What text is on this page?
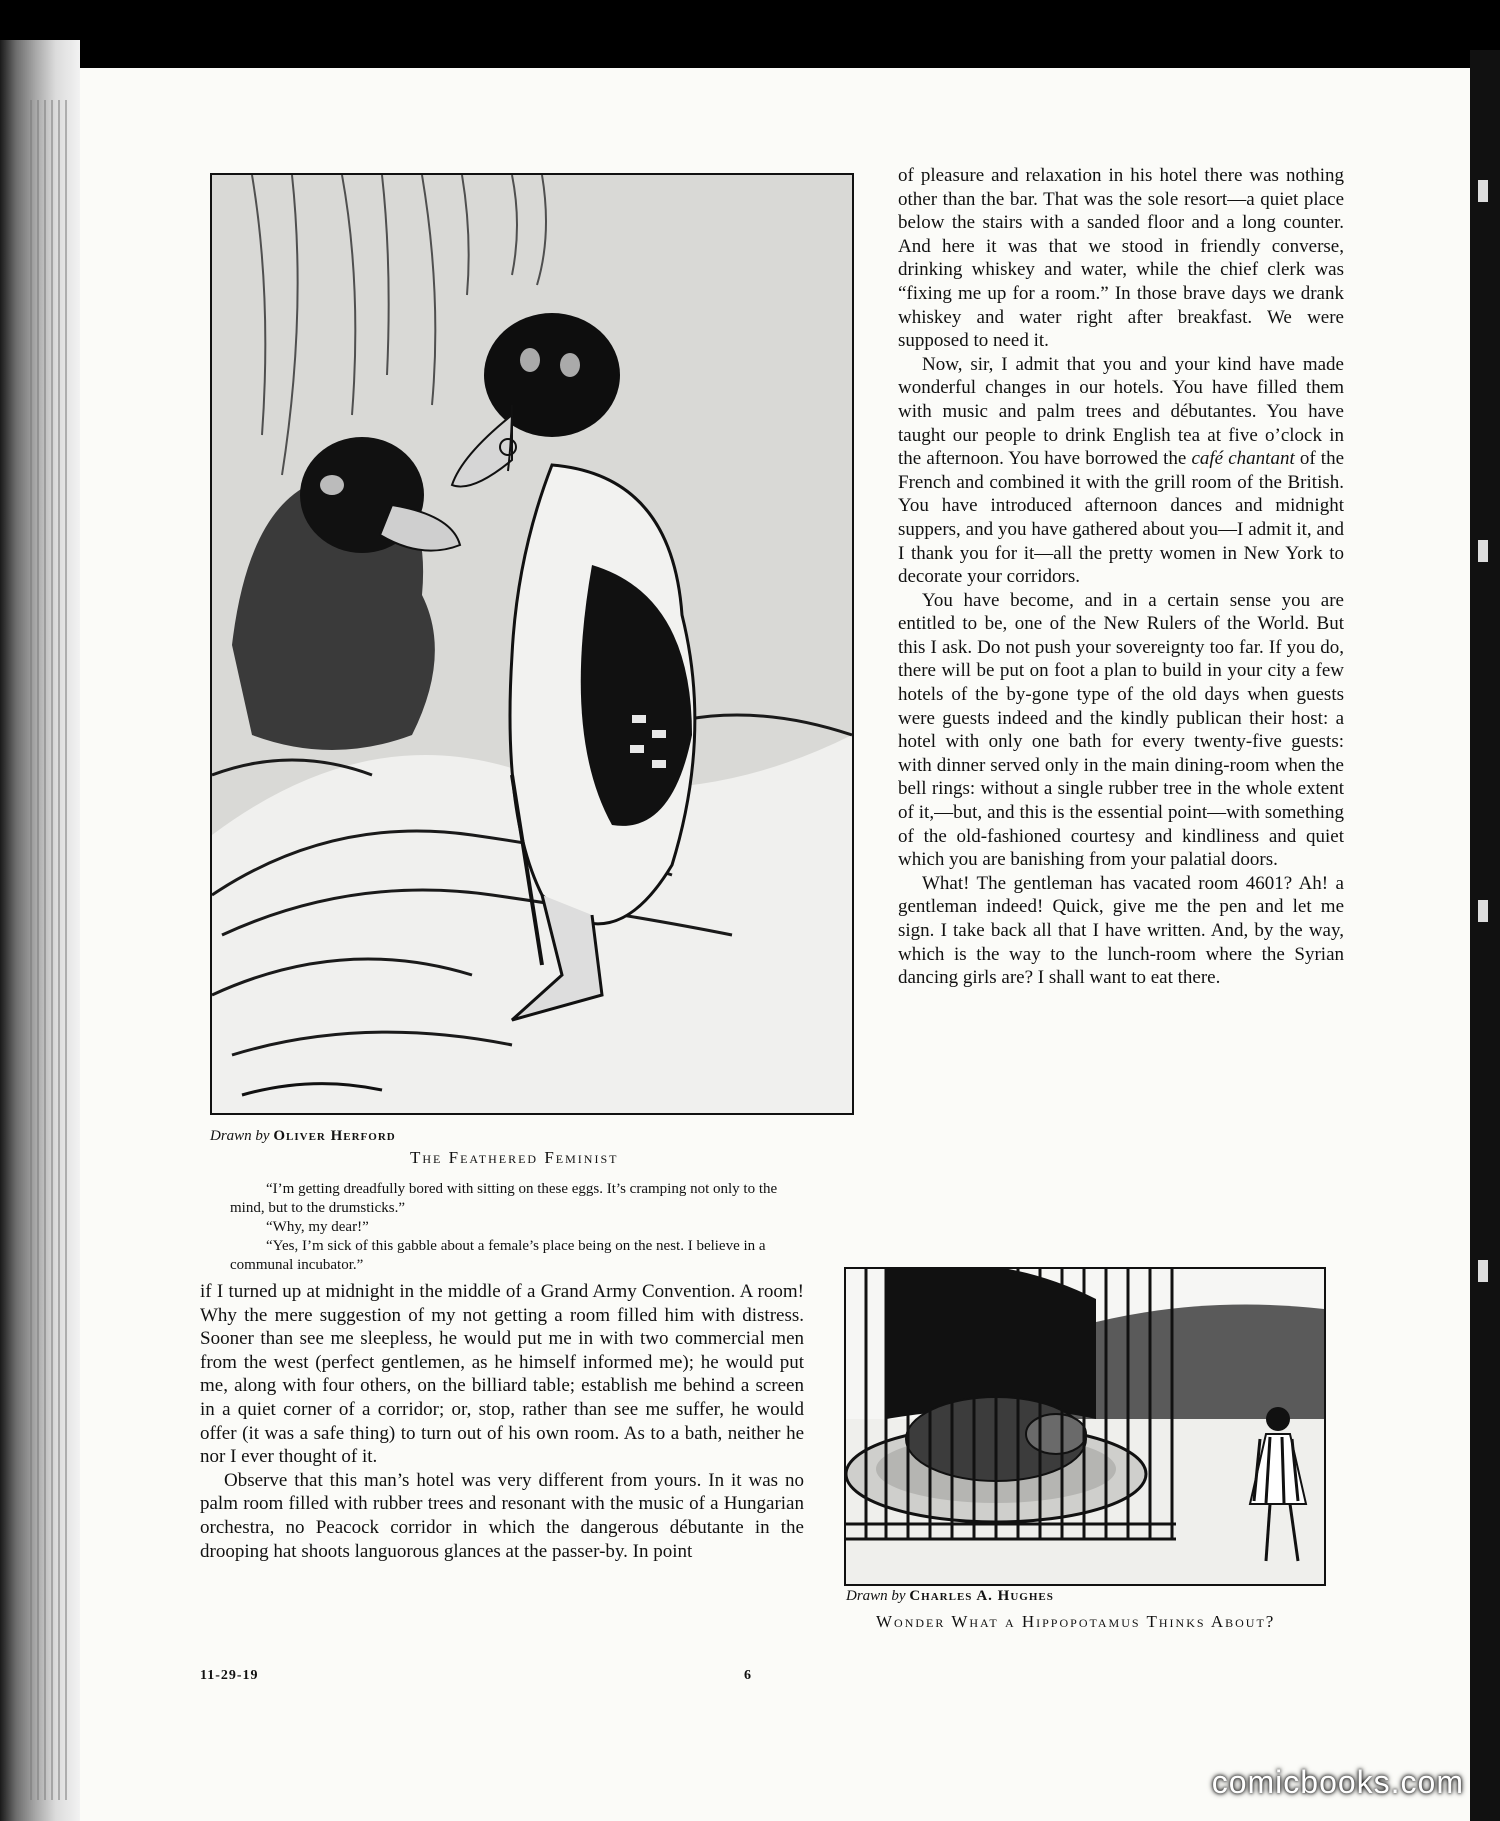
Drawn by Oliver Herford
The Feathered Feminist

“I’m getting dreadfully bored with sitting on these eggs. It’s cramping not only to the mind, but to the drumsticks.”

“Why, my dear!”

“Yes, I’m sick of this gabble about a female’s place being on the nest. I believe in a communal incubator.”

if I turned up at midnight in the middle of a Grand Army Convention. A room! Why the mere suggestion of my not getting a room filled him with distress. Sooner than see me sleepless, he would put me in with two commercial men from the west (perfect gentlemen, as he himself informed me); he would put me, along with four others, on the billiard table; establish me behind a screen in a quiet corner of a corridor; or, stop, rather than see me suffer, he would offer (it was a safe thing) to turn out of his own room. As to a bath, neither he nor I ever thought of it.

Observe that this man’s hotel was very different from yours. In it was no palm room filled with rubber trees and resonant with the music of a Hungarian orchestra, no Peacock corridor in which the dangerous débutante in the drooping hat shoots languorous glances at the passer-by. In point

of pleasure and relaxation in his hotel there was nothing other than the bar. That was the sole resort—a quiet place below the stairs with a sanded floor and a long counter. And here it was that we stood in friendly converse, drinking whiskey and water, while the chief clerk was “fixing me up for a room.” In those brave days we drank whiskey and water right after breakfast. We were supposed to need it.

Now, sir, I admit that you and your kind have made wonderful changes in our hotels. You have filled them with music and palm trees and débutantes. You have taught our people to drink English tea at five o’clock in the afternoon. You have borrowed the café chantant of the French and combined it with the grill room of the British. You have introduced afternoon dances and midnight suppers, and you have gathered about you—I admit it, and I thank you for it—all the pretty women in New York to decorate your corridors.

You have become, and in a certain sense you are entitled to be, one of the New Rulers of the World. But this I ask. Do not push your sovereignty too far. If you do, there will be put on foot a plan to build in your city a few hotels of the by-gone type of the old days when guests were guests indeed and the kindly publican their host: a hotel with only one bath for every twenty-five guests: with dinner served only in the main dining-room when the bell rings: without a single rubber tree in the whole extent of it,—but, and this is the essential point—with something of the old-fashioned courtesy and kindliness and quiet which you are banishing from your palatial doors.

What! The gentleman has vacated room 4601? Ah! a gentleman indeed! Quick, give me the pen and let me sign. I take back all that I have written. And, by the way, which is the way to the lunch-room where the Syrian dancing girls are? I shall want to eat there.

Drawn by Charles A. Hughes
Wonder What a Hippopotamus Thinks About?
11-29-19	6
comicbooks.com
